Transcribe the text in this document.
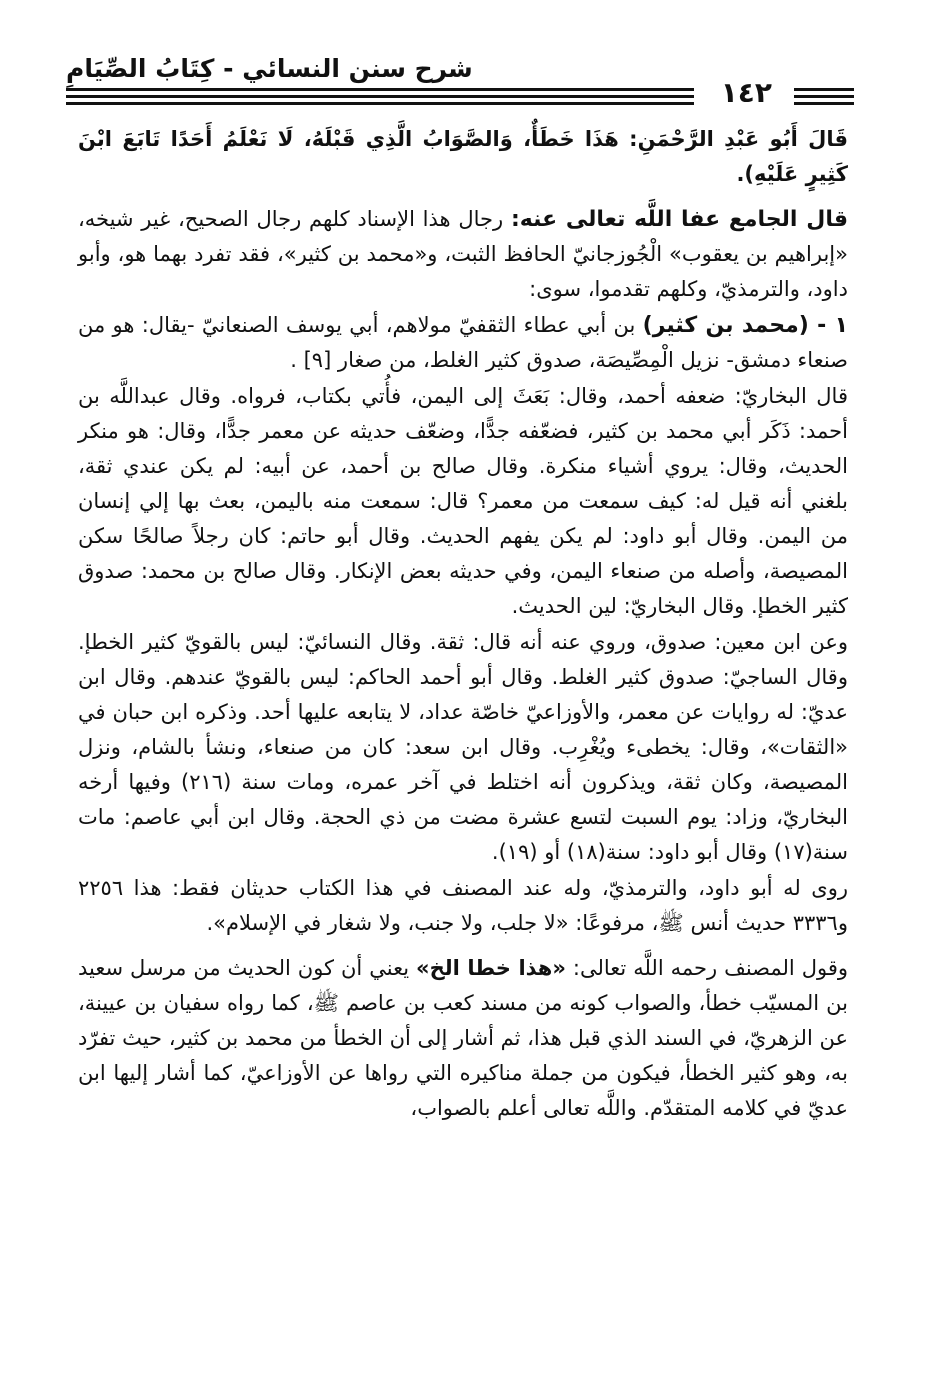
شرح سنن النسائي - كِتَابُ الصِّيَامِ
١٤٢

قَالَ أَبُو عَبْدِ الرَّحْمَنِ: هَذَا خَطَأٌ، وَالصَّوَابُ الَّذِي قَبْلَهُ، لَا نَعْلَمُ أَحَدًا تَابَعَ ابْنَ كَثِيرٍ عَلَيْهِ).

قال الجامع عفا اللَّه تعالى عنه: رجال هذا الإسناد كلهم رجال الصحيح، غير شيخه، «إبراهيم بن يعقوب» الْجُوزجانيّ الحافظ الثبت، و«محمد بن كثير»، فقد تفرد بهما هو، وأبو داود، والترمذيّ، وكلهم تقدموا، سوى:

١ - (محمد بن كثير) بن أبي عطاء الثقفيّ مولاهم، أبي يوسف الصنعانيّ -يقال: هو من صنعاء دمشق- نزيل الْمِصِّيصَة، صدوق كثير الغلط، من صغار [٩] .

قال البخاريّ: ضعفه أحمد، وقال: بَعَثَ إلى اليمن، فأُتي بكتاب، فرواه. وقال عبداللَّه بن أحمد: ذَكَر أبي محمد بن كثير، فضعّفه جدًّا، وضعّف حديثه عن معمر جدًّا، وقال: هو منكر الحديث، وقال: يروي أشياء منكرة. وقال صالح بن أحمد، عن أبيه: لم يكن عندي ثقة، بلغني أنه قيل له: كيف سمعت من معمر؟ قال: سمعت منه باليمن، بعث بها إلي إنسان من اليمن. وقال أبو داود: لم يكن يفهم الحديث. وقال أبو حاتم: كان رجلاً صالحًا سكن المصيصة، وأصله من صنعاء اليمن، وفي حديثه بعض الإنكار. وقال صالح بن محمد: صدوق كثير الخطإ. وقال البخاريّ: لين الحديث.

وعن ابن معين: صدوق، وروي عنه أنه قال: ثقة. وقال النسائيّ: ليس بالقويّ كثير الخطإ. وقال الساجيّ: صدوق كثير الغلط. وقال أبو أحمد الحاكم: ليس بالقويّ عندهم. وقال ابن عديّ: له روايات عن معمر، والأوزاعيّ خاصّة عداد، لا يتابعه عليها أحد. وذكره ابن حبان في «الثقات»، وقال: يخطىء ويُغْرِب. وقال ابن سعد: كان من صنعاء، ونشأ بالشام، ونزل المصيصة، وكان ثقة، ويذكرون أنه اختلط في آخر عمره، ومات سنة (٢١٦) وفيها أرخه البخاريّ، وزاد: يوم السبت لتسع عشرة مضت من ذي الحجة. وقال ابن أبي عاصم: مات سنة(١٧) وقال أبو داود: سنة(١٨) أو (١٩).

روى له أبو داود، والترمذيّ، وله عند المصنف في هذا الكتاب حديثان فقط: هذا ٢٢٥٦ و٣٣٣٦ حديث أنس ﷺ، مرفوعًا: «لا جلب، ولا جنب، ولا شغار في الإسلام».

وقول المصنف رحمه اللَّه تعالى: «هذا خطا الخ» يعني أن كون الحديث من مرسل سعيد بن المسيّب خطأ، والصواب كونه من مسند كعب بن عاصم ﷺ، كما رواه سفيان بن عيينة، عن الزهريّ، في السند الذي قبل هذا، ثم أشار إلى أن الخطأ من محمد بن كثير، حيث تفرّد به، وهو كثير الخطأ، فيكون من جملة مناكيره التي رواها عن الأوزاعيّ، كما أشار إليها ابن عديّ في كلامه المتقدّم. واللَّه تعالى أعلم بالصواب،
